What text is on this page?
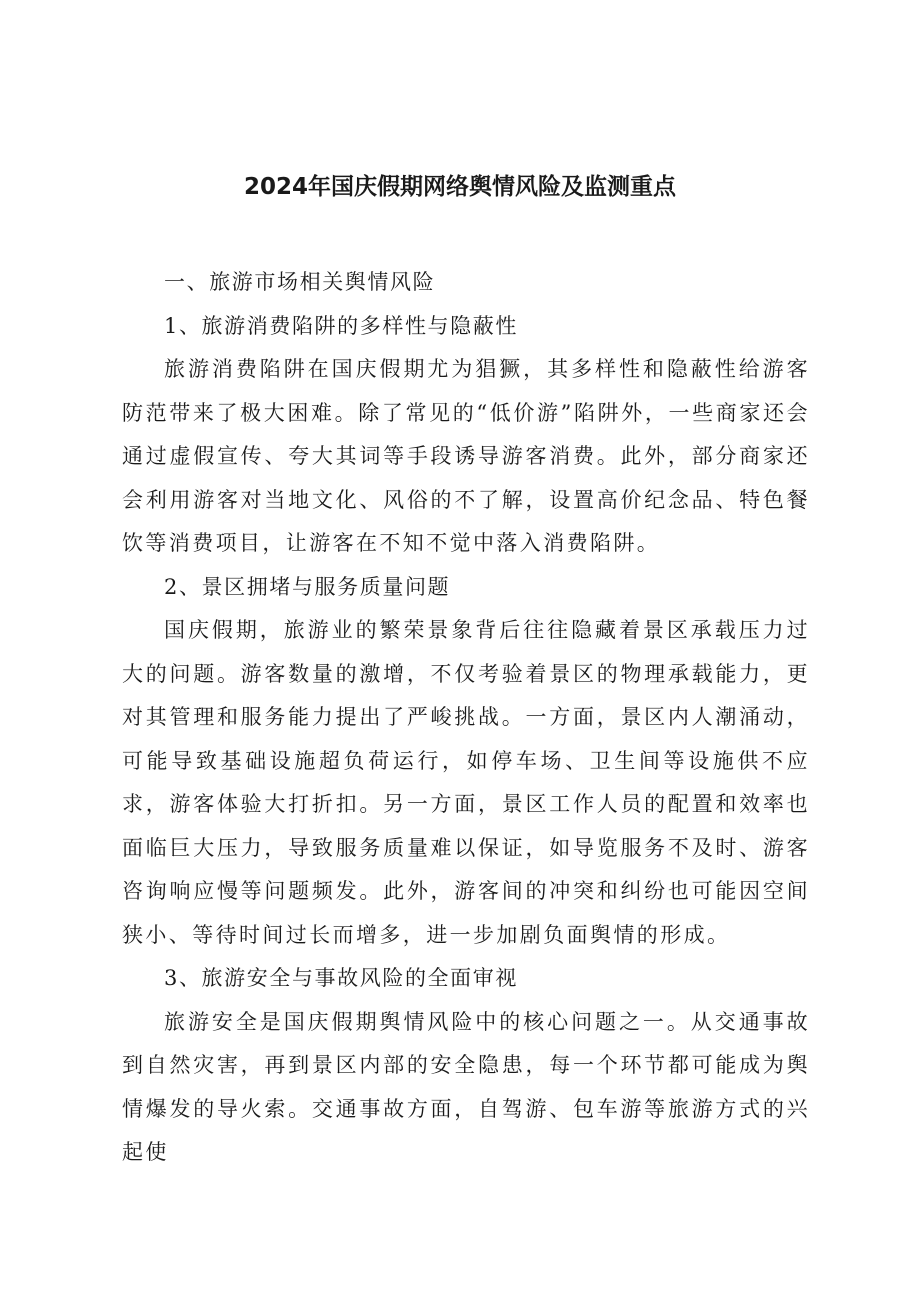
2024年国庆假期网络舆情风险及监测重点

一、旅游市场相关舆情风险

1、旅游消费陷阱的多样性与隐蔽性

旅游消费陷阱在国庆假期尤为猖獗，其多样性和隐蔽性给游客防范带来了极大困难。除了常见的“低价游”陷阱外，一些商家还会通过虚假宣传、夸大其词等手段诱导游客消费。此外，部分商家还会利用游客对当地文化、风俗的不了解，设置高价纪念品、特色餐饮等消费项目，让游客在不知不觉中落入消费陷阱。

2、景区拥堵与服务质量问题

国庆假期，旅游业的繁荣景象背后往往隐藏着景区承载压力过大的问题。游客数量的激增，不仅考验着景区的物理承载能力，更对其管理和服务能力提出了严峻挑战。一方面，景区内人潮涌动，可能导致基础设施超负荷运行，如停车场、卫生间等设施供不应求，游客体验大打折扣。另一方面，景区工作人员的配置和效率也面临巨大压力，导致服务质量难以保证，如导览服务不及时、游客咨询响应慢等问题频发。此外，游客间的冲突和纠纷也可能因空间狭小、等待时间过长而增多，进一步加剧负面舆情的形成。

3、旅游安全与事故风险的全面审视

旅游安全是国庆假期舆情风险中的核心问题之一。从交通事故到自然灾害，再到景区内部的安全隐患，每一个环节都可能成为舆情爆发的导火索。交通事故方面，自驾游、包车游等旅游方式的兴起使
